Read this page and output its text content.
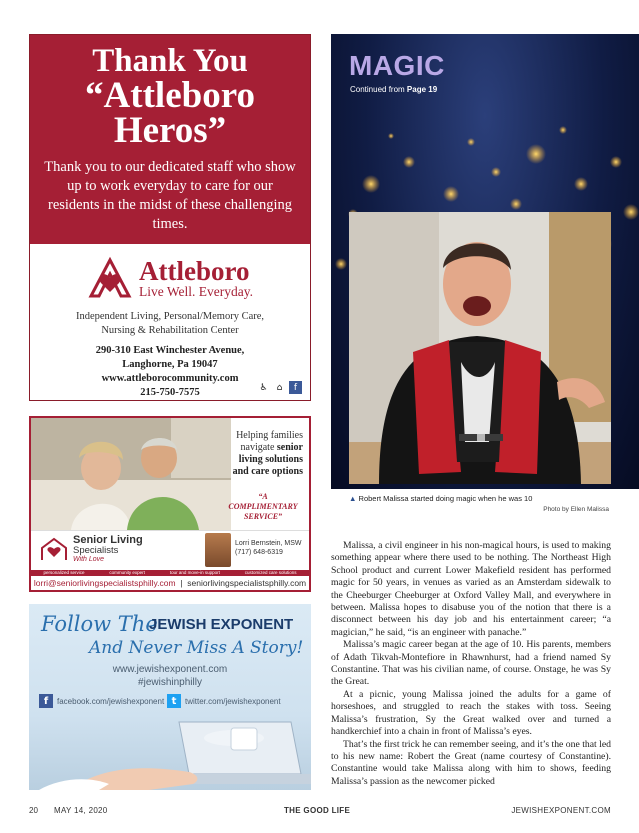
Thank You
“Attleboro
Heros”
Thank you to our dedicated staff who show up to work everyday to care for our residents in the midst of these challenging times.
Attleboro
Live Well. Everyday.
Independent Living, Personal/Memory Care,
Nursing & Rehabilitation Center
290-310 East Winchester Avenue,
Langhorne, Pa 19047
www.attleborocommunity.com
215-750-7575	♿	⌂	f
Helping families navigate senior living solutions and care options
“A COMPLIMENTARY SERVICE”
Senior Living
Specialists
With Love
Lorri Bernstein, MSW
(717) 648-6319
personalized service	community expert	tour and move-in support	customized care solutions
lorri@seniorlivingspecialistsphilly.com  |  seniorlivingspecialistsphilly.com
Follow The
JEWISH EXPONENT
And Never Miss A Story!
www.jewishexponent.com
#jewishinphilly
f	facebook.com/jewishexponent t	twitter.com/jewishexponent
MAGIC
Continued from Page 19
▲ Robert Malissa started doing magic when he was 10
Photo by Ellen Malissa

Malissa, a civil engineer in his non-magical hours, is used to making something appear where there used to be nothing. The Northeast High School product and current Lower Makefield resident has performed magic for 50 years, in venues as varied as an Amsterdam sidewalk to the Cheeburger Cheeburger at Oxford Valley Mall, and everywhere in between. Malissa hopes to disabuse you of the notion that there is a disconnect between his day job and his entertainment career; “a magician,” he said, “is an engineer with panache.”

Malissa’s magic career began at the age of 10. His parents, members of Adath Tikvah-Montefiore in Rhawnhurst, had a friend named Sy Constantine. That was his civilian name, of course. Onstage, he was Sy the Great.

At a picnic, young Malissa joined the adults for a game of horseshoes, and struggled to reach the stakes with toss. Seeing Malissa’s frustration, Sy the Great walked over and turned a handkerchief into a chain in front of Malissa’s eyes.

That’s the first trick he can remember seeing, and it’s the one that led to his new name: Robert the Great (name courtesy of Constantine). Constantine would take Malissa along with him to shows, feeding Malissa’s passion as the newcomer picked

20 MAY 14, 2020	THE GOOD LIFE	JEWISHEXPONENT.COM
